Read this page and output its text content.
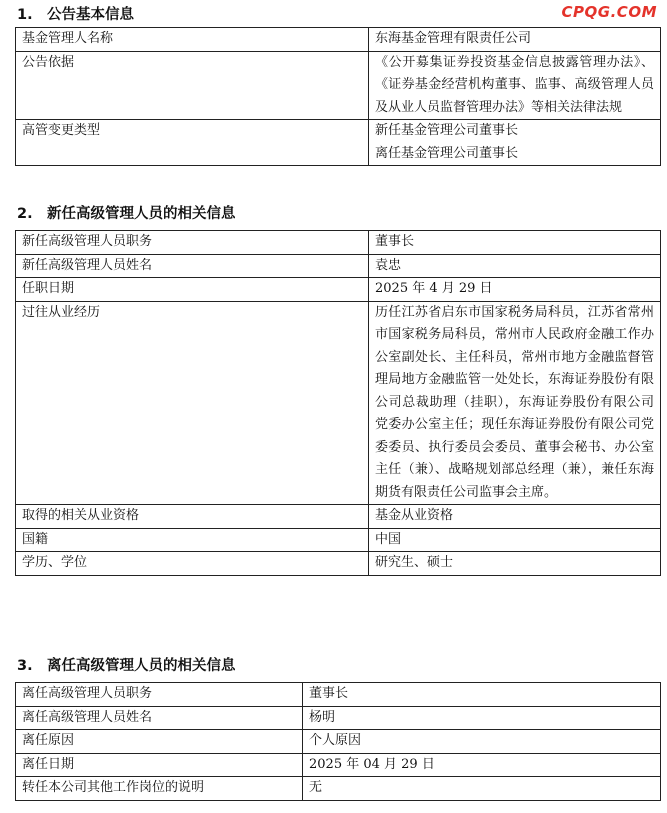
CPQG.COM
1. 公告基本信息
基金管理人名称	东海基金管理有限责任公司
公告依据	《公开募集证券投资基金信息披露管理办法》、《证券基金经营机构董事、监事、高级管理人员及从业人员监督管理办法》等相关法律法规
高管变更类型	新任基金管理公司董事长
离任基金管理公司董事长
2. 新任高级管理人员的相关信息
新任高级管理人员职务	董事长
新任高级管理人员姓名	袁忠
任职日期	2025 年 4 月 29 日
过往从业经历	历任江苏省启东市国家税务局科员，江苏省常州市国家税务局科员，常州市人民政府金融工作办公室副处长、主任科员，常州市地方金融监督管理局地方金融监管一处处长，东海证券股份有限公司总裁助理（挂职），东海证券股份有限公司党委办公室主任；现任东海证券股份有限公司党委委员、执行委员会委员、董事会秘书、办公室主任（兼）、战略规划部总经理（兼），兼任东海期货有限责任公司监事会主席。
取得的相关从业资格	基金从业资格
国籍	中国
学历、学位	研究生、硕士
3. 离任高级管理人员的相关信息
离任高级管理人员职务	董事长
离任高级管理人员姓名	杨明
离任原因	个人原因
离任日期	2025 年 04 月 29 日
转任本公司其他工作岗位的说明	无
